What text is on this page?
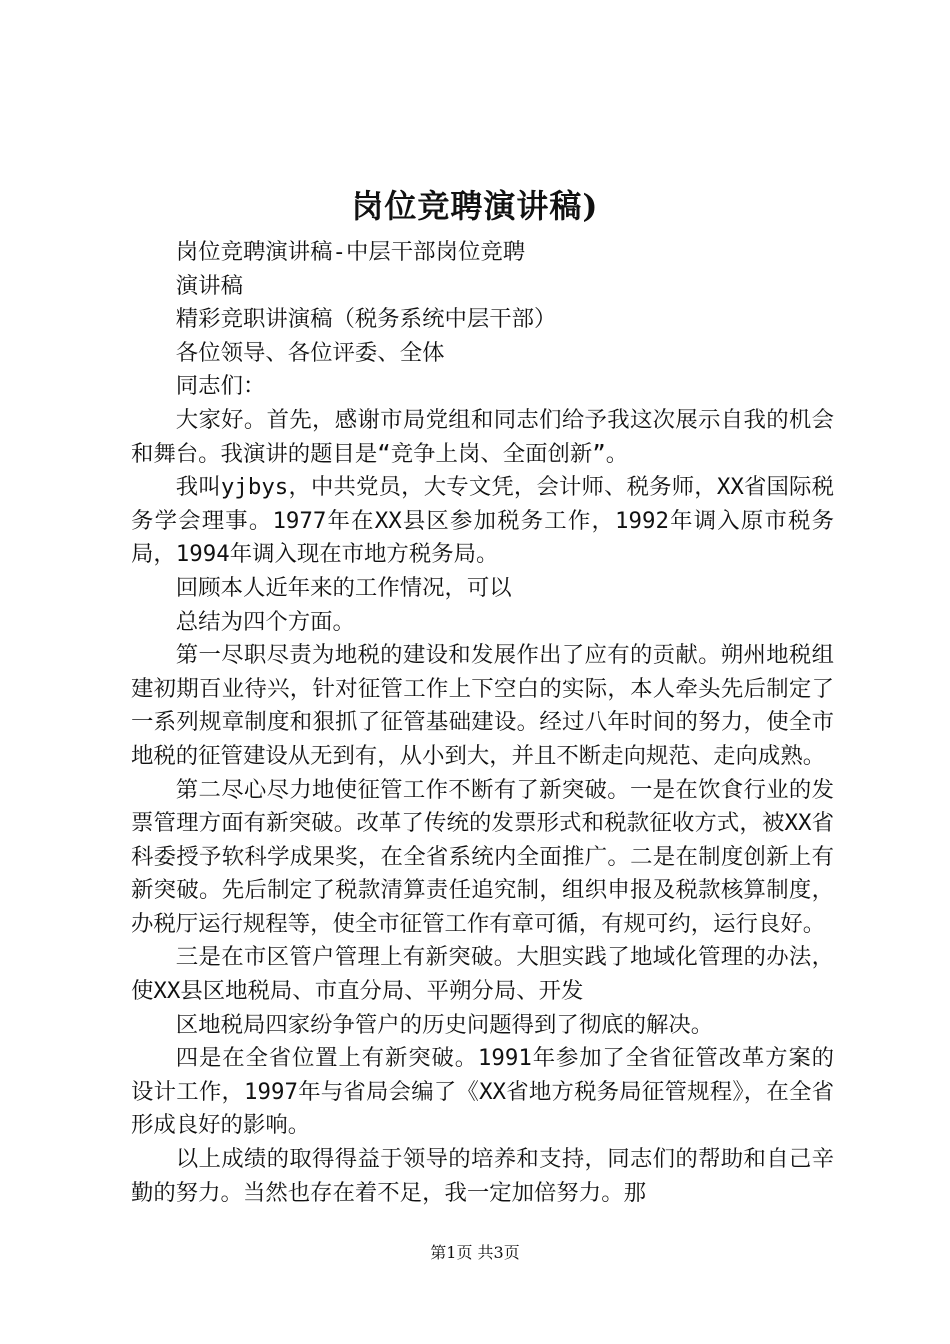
岗位竞聘演讲稿)

岗位竞聘演讲稿-中层干部岗位竞聘

演讲稿

精彩竞职讲演稿（税务系统中层干部）

各位领导、各位评委、全体

同志们：

大家好。首先，感谢市局党组和同志们给予我这次展示自我的机会和舞台。我演讲的题目是“竞争上岗、全面创新”。

我叫yjbys，中共党员，大专文凭，会计师、税务师，XX省国际税务学会理事。1977年在XX县区参加税务工作，1992年调入原市税务局，1994年调入现在市地方税务局。

回顾本人近年来的工作情况，可以

总结为四个方面。

第一尽职尽责为地税的建设和发展作出了应有的贡献。朔州地税组建初期百业待兴，针对征管工作上下空白的实际，本人牵头先后制定了一系列规章制度和狠抓了征管基础建设。经过八年时间的努力，使全市地税的征管建设从无到有，从小到大，并且不断走向规范、走向成熟。

第二尽心尽力地使征管工作不断有了新突破。一是在饮食行业的发票管理方面有新突破。改革了传统的发票形式和税款征收方式，被XX省科委授予软科学成果奖，在全省系统内全面推广。二是在制度创新上有新突破。先后制定了税款清算责任追究制，组织申报及税款核算制度，办税厅运行规程等，使全市征管工作有章可循，有规可约，运行良好。

三是在市区管户管理上有新突破。大胆实践了地域化管理的办法，使XX县区地税局、市直分局、平朔分局、开发

区地税局四家纷争管户的历史问题得到了彻底的解决。

四是在全省位置上有新突破。1991年参加了全省征管改革方案的设计工作，1997年与省局会编了《XX省地方税务局征管规程》，在全省形成良好的影响。

以上成绩的取得得益于领导的培养和支持，同志们的帮助和自己辛勤的努力。当然也存在着不足，我一定加倍努力。那

第1页 共3页
